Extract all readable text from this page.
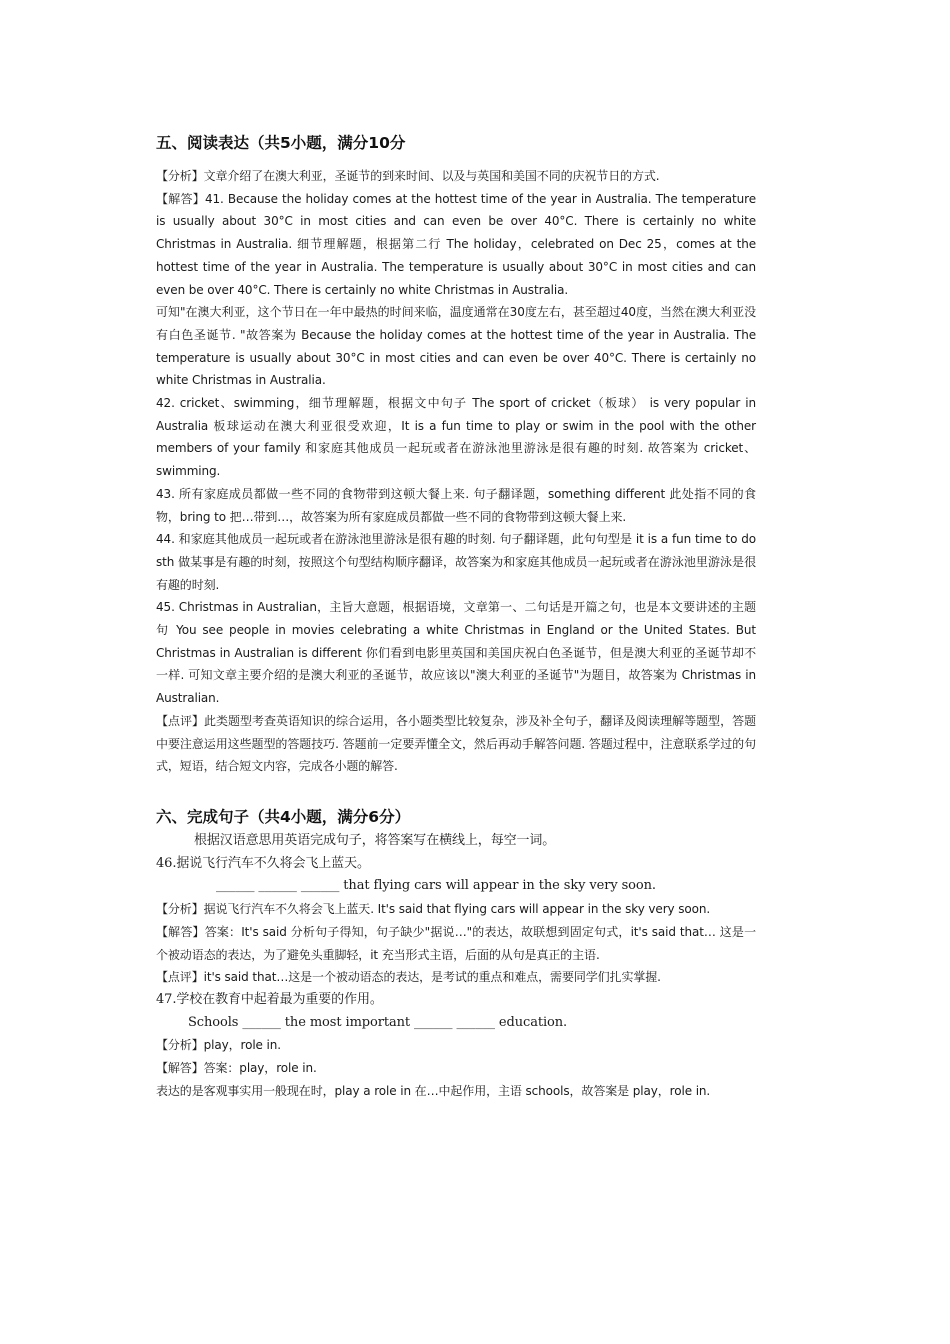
五、阅读表达（共5小题，满分10分

【分析】文章介绍了在澳大利亚，圣诞节的到来时间、以及与英国和美国不同的庆祝节日的方式.

【解答】41. Because the holiday comes at the hottest time of the year in Australia. The temperature is usually about 30°C in most cities and can even be over 40°C. There is certainly no white Christmas in Australia. 细节理解题，根据第二行 The holiday，celebrated on Dec 25，comes at the hottest time of the year in Australia. The temperature is usually about 30°C in most cities and can even be over 40°C. There is certainly no white Christmas in Australia.

可知"在澳大利亚，这个节日在一年中最热的时间来临，温度通常在30度左右，甚至超过40度，当然在澳大利亚没有白色圣诞节. "故答案为 Because the holiday comes at the hottest time of the year in Australia. The temperature is usually about 30°C in most cities and can even be over 40°C. There is certainly no white Christmas in Australia.

42. cricket、swimming，细节理解题，根据文中句子 The sport of cricket（板球） is very popular in Australia 板球运动在澳大利亚很受欢迎，It is a fun time to play or swim in the pool with the other members of your family 和家庭其他成员一起玩或者在游泳池里游泳是很有趣的时刻. 故答案为 cricket、swimming.

43. 所有家庭成员都做一些不同的食物带到这顿大餐上来. 句子翻译题，something different 此处指不同的食物，bring to 把…带到…，故答案为所有家庭成员都做一些不同的食物带到这顿大餐上来.

44. 和家庭其他成员一起玩或者在游泳池里游泳是很有趣的时刻. 句子翻译题，此句句型是 it is a fun time to do sth 做某事是有趣的时刻，按照这个句型结构顺序翻译，故答案为和家庭其他成员一起玩或者在游泳池里游泳是很有趣的时刻.

45. Christmas in Australian，主旨大意题，根据语境，文章第一、二句话是开篇之句，也是本文要讲述的主题句 You see people in movies celebrating a white Christmas in England or the United States. But Christmas in Australian is different 你们看到电影里英国和美国庆祝白色圣诞节，但是澳大利亚的圣诞节却不一样. 可知文章主要介绍的是澳大利亚的圣诞节，故应该以"澳大利亚的圣诞节"为题目，故答案为 Christmas in Australian.

【点评】此类题型考查英语知识的综合运用，各小题类型比较复杂，涉及补全句子，翻译及阅读理解等题型，答题中要注意运用这些题型的答题技巧. 答题前一定要弄懂全文，然后再动手解答问题. 答题过程中，注意联系学过的句式，短语，结合短文内容，完成各小题的解答.

六、完成句子（共4小题，满分6分）

根据汉语意思用英语完成句子，将答案写在横线上，每空一词。

46.据说飞行汽车不久将会飞上蓝天。

______ ______ ______ that flying cars will appear in the sky very soon.

【分析】据说飞行汽车不久将会飞上蓝天. It's said that flying cars will appear in the sky very soon.

【解答】答案：It's said 分析句子得知，句子缺少"据说…"的表达，故联想到固定句式，it's said that… 这是一个被动语态的表达，为了避免头重脚轻，it 充当形式主语，后面的从句是真正的主语.

【点评】it's said that…这是一个被动语态的表达，是考试的重点和难点，需要同学们扎实掌握.

47.学校在教育中起着最为重要的作用。

Schools ______ the most important ______ ______ education.

【分析】play，role in.

【解答】答案：play，role in.

表达的是客观事实用一般现在时，play a role in 在…中起作用，主语 schools，故答案是 play，role in.
